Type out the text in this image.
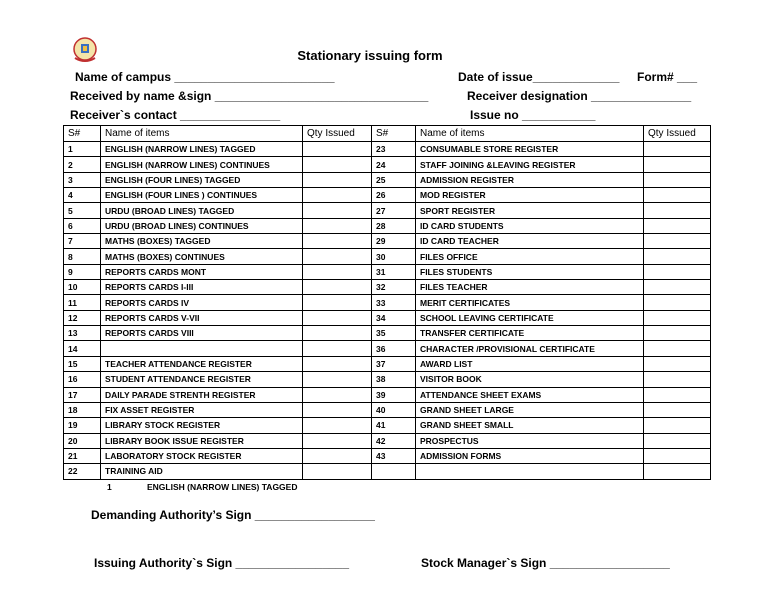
Stationary issuing form
Name of campus ________________________	Date of issue_____________ Form# ___
Received by name &sign ________________________________	Receiver designation _______________
Receiver`s contact _______________	Issue no ___________
S#	Name of items	Qty Issued	S#	Name of items	Qty Issued
1	ENGLISH (NARROW LINES) TAGGED		23	CONSUMABLE STORE REGISTER	
2	ENGLISH (NARROW LINES) CONTINUES		24	STAFF JOINING &LEAVING REGISTER	
3	ENGLISH (FOUR LINES) TAGGED		25	ADMISSION REGISTER	
4	ENGLISH (FOUR LINES ) CONTINUES		26	MOD REGISTER	
5	URDU (BROAD LINES) TAGGED		27	SPORT REGISTER	
6	URDU (BROAD LINES) CONTINUES		28	ID CARD STUDENTS	
7	MATHS (BOXES) TAGGED		29	ID CARD TEACHER	
8	MATHS (BOXES) CONTINUES		30	FILES OFFICE	
9	REPORTS CARDS MONT		31	FILES STUDENTS	
10	REPORTS CARDS I-III		32	FILES TEACHER	
11	REPORTS CARDS IV		33	MERIT CERTIFICATES	
12	REPORTS CARDS V-VII		34	SCHOOL LEAVING CERTIFICATE	
13	REPORTS CARDS VIII		35	TRANSFER CERTIFICATE	
14			36	CHARACTER /PROVISIONAL CERTIFICATE	
15	TEACHER ATTENDANCE REGISTER		37	AWARD LIST	
16	STUDENT ATTENDANCE REGISTER		38	VISITOR BOOK	
17	DAILY PARADE STRENTH REGISTER		39	ATTENDANCE SHEET EXAMS	
18	FIX ASSET REGISTER		40	GRAND SHEET LARGE	
19	LIBRARY STOCK REGISTER		41	GRAND SHEET SMALL	
20	LIBRARY BOOK ISSUE REGISTER		42	PROSPECTUS	
21	LABORATORY STOCK REGISTER		43	ADMISSION FORMS	
22	TRAINING AID				
1	ENGLISH (NARROW LINES) TAGGED
Demanding Authority’s Sign __________________
Issuing Authority`s Sign _________________	Stock Manager`s Sign __________________
